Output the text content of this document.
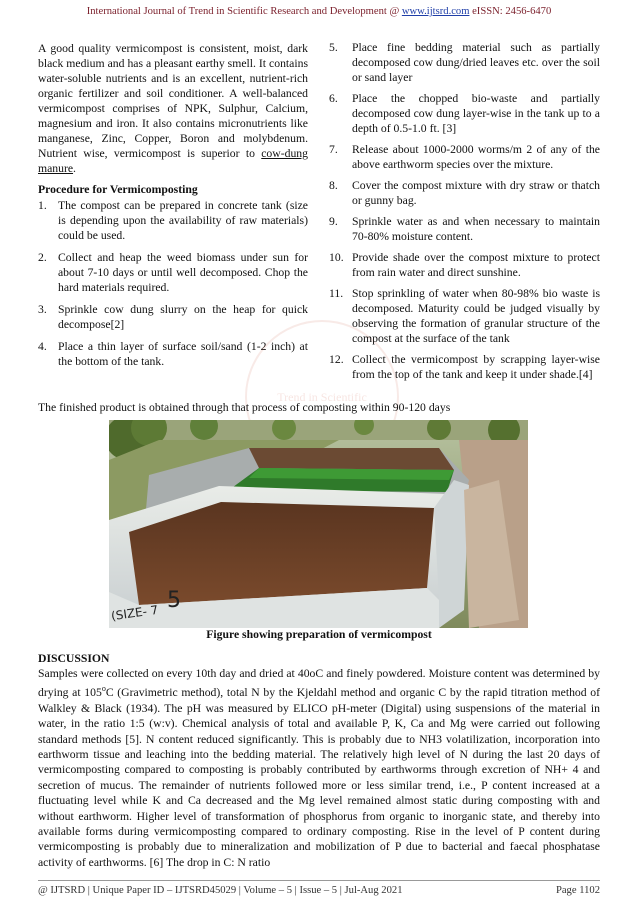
International Journal of Trend in Scientific Research and Development @ www.ijtsrd.com eISSN: 2456-6470

A good quality vermicompost is consistent, moist, dark black medium and has a pleasant earthy smell. It contains water-soluble nutrients and is an excellent, nutrient-rich organic fertilizer and soil conditioner. A well-balanced vermicompost comprises of NPK, Sulphur, Calcium, magnesium and iron. It also contains micronutrients like manganese, Zinc, Copper, Boron and molybdenum. Nutrient wise, vermicompost is superior to cow-dung manure.

Procedure for Vermicomposting
1. The compost can be prepared in concrete tank (size is depending upon the availability of raw materials) could be used.
2. Collect and heap the weed biomass under sun for about 7-10 days or until well decomposed. Chop the hard materials required.
3. Sprinkle cow dung slurry on the heap for quick decompose[2]
4. Place a thin layer of surface soil/sand (1-2 inch) at the bottom of the tank.
Trend in Scientific
5. Place fine bedding material such as partially decomposed cow dung/dried leaves etc. over the soil or sand layer
6. Place the chopped bio-waste and partially decomposed cow dung layer-wise in the tank up to a depth of 0.5-1.0 ft. [3]
7. Release about 1000-2000 worms/m 2 of any of the above earthworm species over the mixture.
8. Cover the compost mixture with dry straw or thatch or gunny bag.
9. Sprinkle water as and when necessary to maintain 70-80% moisture content.
10. Provide shade over the compost mixture to protect from rain water and direct sunshine.
11. Stop sprinkling of water when 80-98% bio waste is decomposed. Maturity could be judged visually by observing the formation of granular structure of the compost at the surface of the tank
12. Collect the vermicompost by scrapping layer-wise from the top of the tank and keep it under shade.[4]
The finished product is obtained through that process of composting within 90-120 days
5
(SIZE- 7
Figure showing preparation of vermicompost
DISCUSSION
Samples were collected on every 10th day and dried at 40oC and finely powdered. Moisture content was determined by drying at 105$^o$C (Gravimetric method), total N by the Kjeldahl method and organic C by the rapid titration method of Walkley & Black (1934). The pH was measured by ELICO pH-meter (Digital) using suspensions of the material in water, in the ratio 1:5 (w:v). Chemical analysis of total and available P, K, Ca and Mg were carried out following standard methods [5]. N content reduced significantly. This is probably due to NH3 volatilization, incorporation into earthworm tissue and leaching into the bedding material. The relatively high level of N during the last 20 days of vermicomposting compared to composting is probably contributed by earthworms through excretion of NH+ 4 and secretion of mucus. The remainder of nutrients followed more or less similar trend, i.e., P content increased at a fluctuating level while K and Ca decreased and the Mg level remained almost static during composting with and without earthworm. Higher level of transformation of phosphorus from organic to inorganic state, and thereby into available forms during vermicomposting compared to ordinary composting. Rise in the level of P content during vermicomposting is probably due to mineralization and mobilization of P due to bacterial and faecal phosphatase activity of earthworms. [6] The drop in C: N ratio
@ IJTSRD | Unique Paper ID – IJTSRD45029 | Volume – 5 | Issue – 5 | Jul-Aug 2021	Page 1102
